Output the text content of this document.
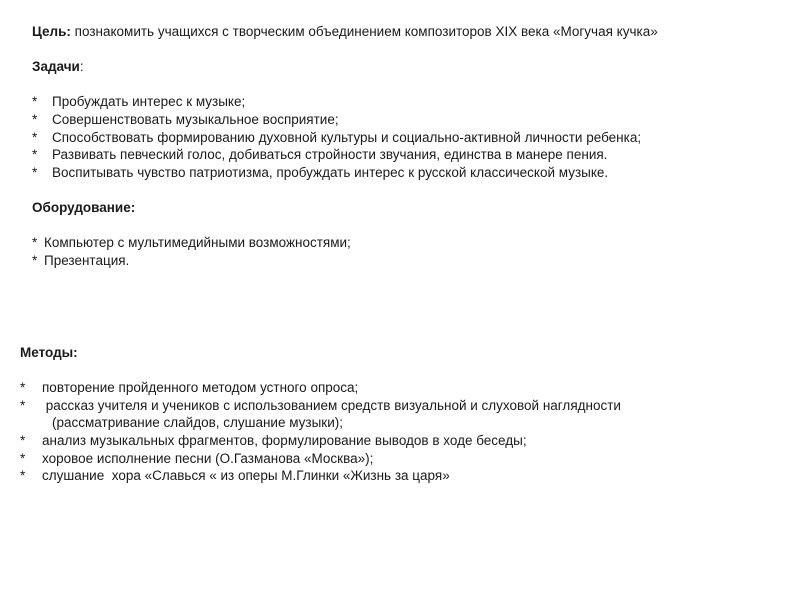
Цель: познакомить учащихся с творческим объединением композиторов XIX века «Могучая кучка»
Задачи:
*	Пробуждать интерес к музыке;
*	Совершенствовать музыкальное восприятие;
*	Способствовать формированию духовной культуры и социально-активной личности ребенка;
*	Развивать певческий голос, добиваться стройности звучания, единства в манере пения.
*	Воспитывать чувство патриотизма, пробуждать интерес к русской классической музыке.
Оборудование:
* Компьютер с мультимедийными возможностями;
* Презентация.
Методы:
*	повторение пройденного методом устного опроса;
*	рассказ учителя и учеников с использованием средств визуальной и слуховой наглядности
(рассматривание слайдов, слушание музыки);
*	анализ музыкальных фрагментов, формулирование выводов в ходе беседы;
*	хоровое исполнение песни (О.Газманова «Москва»);
*	слушание  хора «Славься « из оперы М.Глинки «Жизнь за царя»
